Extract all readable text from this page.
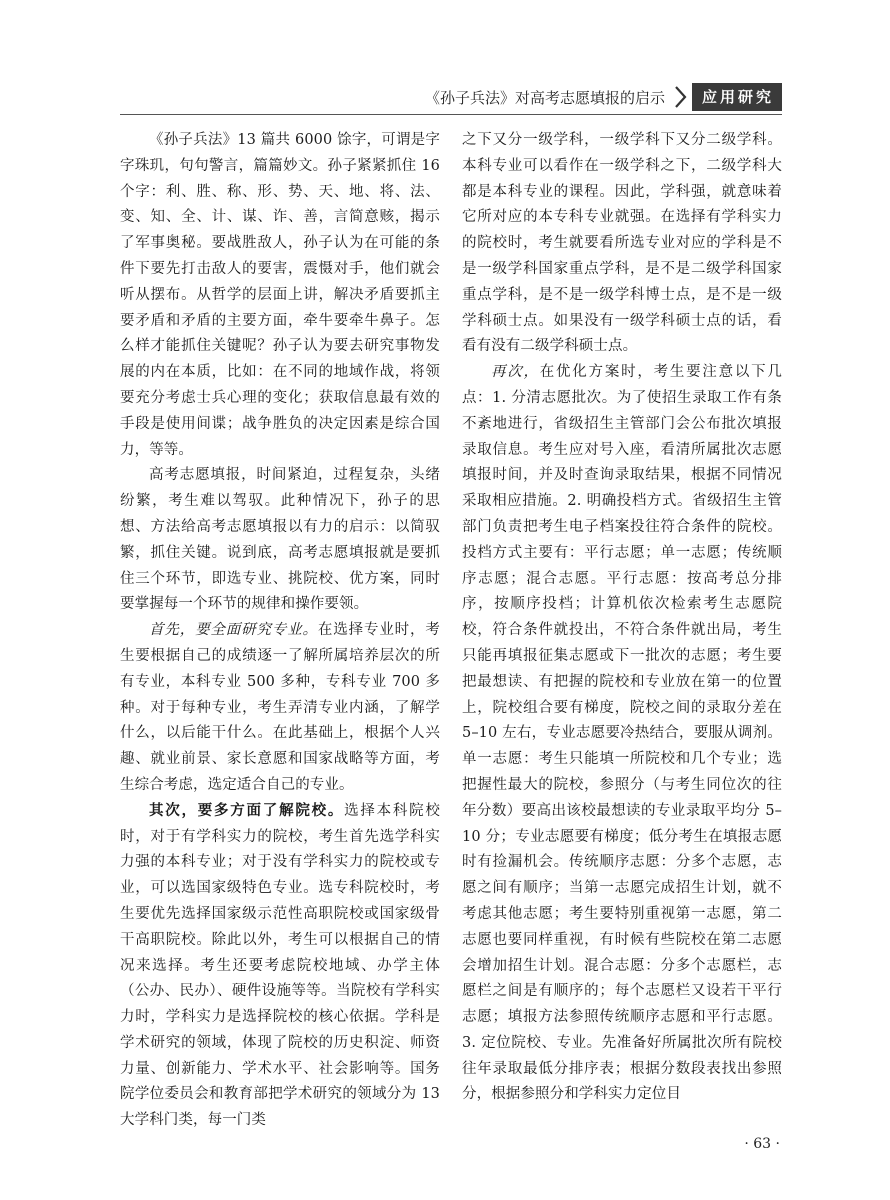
《孙子兵法》对高考志愿填报的启示	应用研究

《孙子兵法》13 篇共 6000 馀字，可谓是字字珠玑，句句警言，篇篇妙文。孙子紧紧抓住 16 个字：利、胜、称、形、势、天、地、将、法、变、知、全、计、谋、诈、善，言简意赅，揭示了军事奥秘。要战胜敌人，孙子认为在可能的条件下要先打击敌人的要害，震慑对手，他们就会听从摆布。从哲学的层面上讲，解决矛盾要抓主要矛盾和矛盾的主要方面，牵牛要牵牛鼻子。怎么样才能抓住关键呢？孙子认为要去研究事物发展的内在本质，比如：在不同的地域作战，将领要充分考虑士兵心理的变化；获取信息最有效的手段是使用间谍；战争胜负的决定因素是综合国力，等等。

高考志愿填报，时间紧迫，过程复杂，头绪纷繁，考生难以驾驭。此种情况下，孙子的思想、方法给高考志愿填报以有力的启示：以简驭繁，抓住关键。说到底，高考志愿填报就是要抓住三个环节，即选专业、挑院校、优方案，同时要掌握每一个环节的规律和操作要领。

首先，要全面研究专业。在选择专业时，考生要根据自己的成绩逐一了解所属培养层次的所有专业，本科专业 500 多种，专科专业 700 多种。对于每种专业，考生弄清专业内涵，了解学什么，以后能干什么。在此基础上，根据个人兴趣、就业前景、家长意愿和国家战略等方面，考生综合考虑，选定适合自己的专业。

其次，要多方面了解院校。选择本科院校时，对于有学科实力的院校，考生首先选学科实力强的本科专业；对于没有学科实力的院校或专业，可以选国家级特色专业。选专科院校时，考生要优先选择国家级示范性高职院校或国家级骨干高职院校。除此以外，考生可以根据自己的情况来选择。考生还要考虑院校地域、办学主体（公办、民办）、硬件设施等等。当院校有学科实力时，学科实力是选择院校的核心依据。学科是学术研究的领域，体现了院校的历史积淀、师资力量、创新能力、学术水平、社会影响等。国务院学位委员会和教育部把学术研究的领域分为 13 大学科门类，每一门类

之下又分一级学科，一级学科下又分二级学科。本科专业可以看作在一级学科之下，二级学科大都是本科专业的课程。因此，学科强，就意味着它所对应的本专科专业就强。在选择有学科实力的院校时，考生就要看所选专业对应的学科是不是一级学科国家重点学科，是不是二级学科国家重点学科，是不是一级学科博士点，是不是一级学科硕士点。如果没有一级学科硕士点的话，看看有没有二级学科硕士点。

再次，在优化方案时，考生要注意以下几点：1. 分清志愿批次。为了使招生录取工作有条不紊地进行，省级招生主管部门会公布批次填报录取信息。考生应对号入座，看清所属批次志愿填报时间，并及时查询录取结果，根据不同情况采取相应措施。2. 明确投档方式。省级招生主管部门负责把考生电子档案投往符合条件的院校。投档方式主要有：平行志愿；单一志愿；传统顺序志愿；混合志愿。平行志愿：按高考总分排序，按顺序投档；计算机依次检索考生志愿院校，符合条件就投出，不符合条件就出局，考生只能再填报征集志愿或下一批次的志愿；考生要把最想读、有把握的院校和专业放在第一的位置上，院校组合要有梯度，院校之间的录取分差在 5–10 左右，专业志愿要冷热结合，要服从调剂。单一志愿：考生只能填一所院校和几个专业；选把握性最大的院校，参照分（与考生同位次的往年分数）要高出该校最想读的专业录取平均分 5–10 分；专业志愿要有梯度；低分考生在填报志愿时有捡漏机会。传统顺序志愿：分多个志愿，志愿之间有顺序；当第一志愿完成招生计划，就不考虑其他志愿；考生要特别重视第一志愿，第二志愿也要同样重视，有时候有些院校在第二志愿会增加招生计划。混合志愿：分多个志愿栏，志愿栏之间是有顺序的；每个志愿栏又设若干平行志愿；填报方法参照传统顺序志愿和平行志愿。3. 定位院校、专业。先准备好所属批次所有院校往年录取最低分排序表；根据分数段表找出参照分，根据参照分和学科实力定位目

· 63 ·
